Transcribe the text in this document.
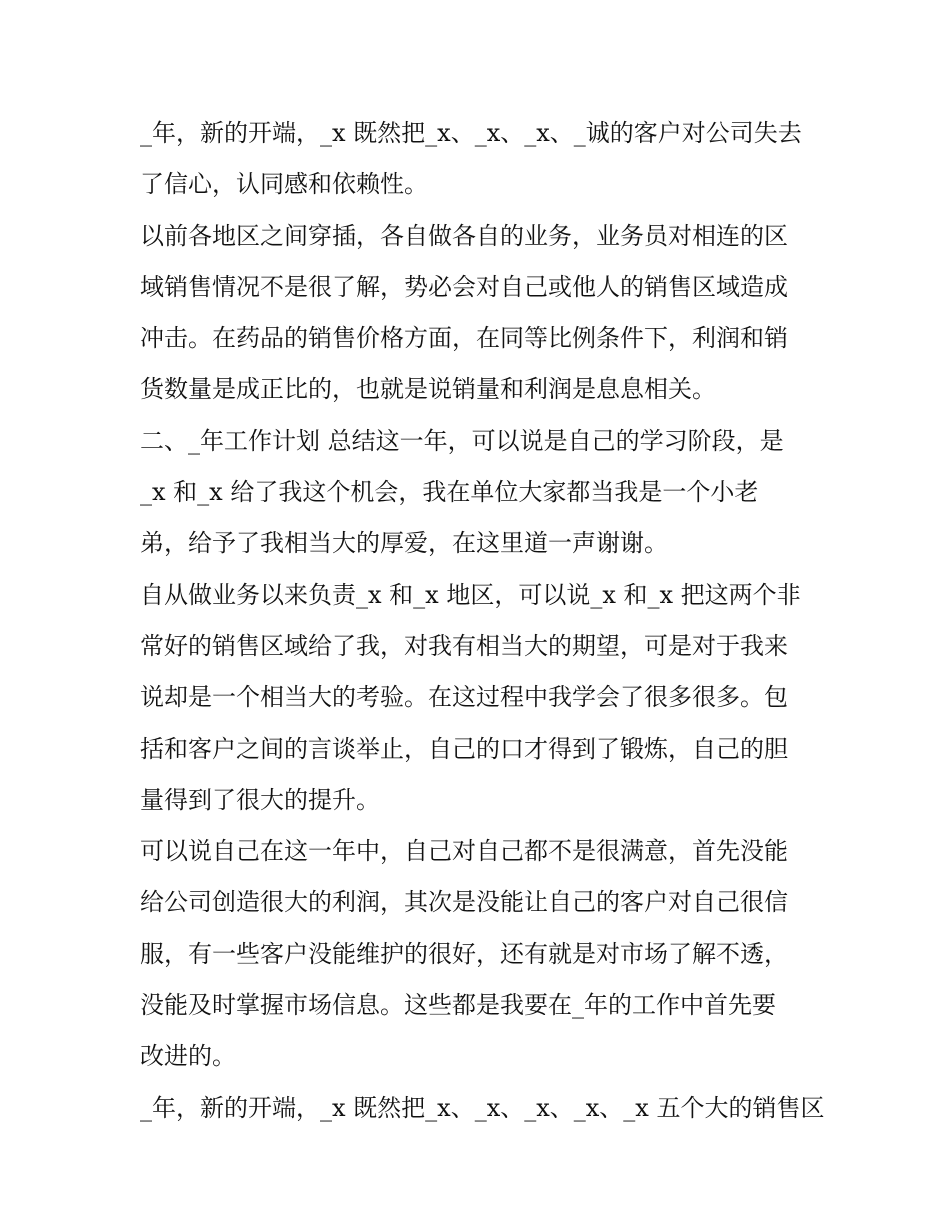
_年，新的开端，_x 既然把_x、_x、_x、_诚的客户对公司失去
了信心，认同感和依赖性。
以前各地区之间穿插，各自做各自的业务，业务员对相连的区
域销售情况不是很了解，势必会对自己或他人的销售区域造成
冲击。在药品的销售价格方面，在同等比例条件下，利润和销
货数量是成正比的，也就是说销量和利润是息息相关。
二、_年工作计划 总结这一年，可以说是自己的学习阶段，是
_x 和_x 给了我这个机会，我在单位大家都当我是一个小老
弟，给予了我相当大的厚爱，在这里道一声谢谢。
自从做业务以来负责_x 和_x 地区，可以说_x 和_x 把这两个非
常好的销售区域给了我，对我有相当大的期望，可是对于我来
说却是一个相当大的考验。在这过程中我学会了很多很多。包
括和客户之间的言谈举止，自己的口才得到了锻炼，自己的胆
量得到了很大的提升。
可以说自己在这一年中，自己对自己都不是很满意，首先没能
给公司创造很大的利润，其次是没能让自己的客户对自己很信
服，有一些客户没能维护的很好，还有就是对市场了解不透，
没能及时掌握市场信息。这些都是我要在_年的工作中首先要
改进的。
_年，新的开端，_x 既然把_x、_x、_x、_x、_x 五个大的销售区
